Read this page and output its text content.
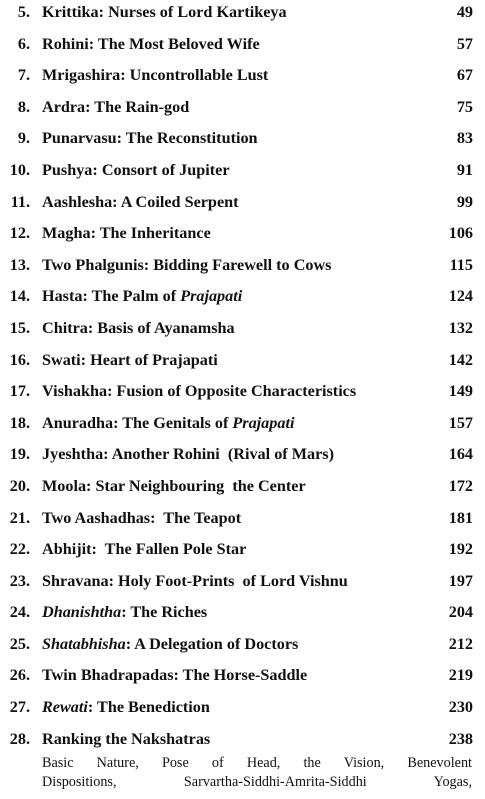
5. Krittika: Nurses of Lord Kartikeya	49
6. Rohini: The Most Beloved Wife	57
7. Mrigashira: Uncontrollable Lust	67
8. Ardra: The Rain-god	75
9. Punarvasu: The Reconstitution	83
10. Pushya: Consort of Jupiter	91
11. Aashlesha: A Coiled Serpent	99
12. Magha: The Inheritance	106
13. Two Phalgunis: Bidding Farewell to Cows	115
14. Hasta: The Palm of Prajapati	124
15. Chitra: Basis of Ayanamsha	132
16. Swati: Heart of Prajapati	142
17. Vishakha: Fusion of Opposite Characteristics	149
18. Anuradha: The Genitals of Prajapati	157
19. Jyeshtha: Another Rohini  (Rival of Mars)	164
20. Moola: Star Neighbouring  the Center	172
21. Two Aashadhas:  The Teapot	181
22. Abhijit:  The Fallen Pole Star	192
23. Shravana: Holy Foot-Prints  of Lord Vishnu	197
24. Dhanishtha: The Riches	204
25. Shatabhisha: A Delegation of Doctors	212
26. Twin Bhadrapadas: The Horse-Saddle	219
27. Rewati: The Benediction	230
28. Ranking the Nakshatras	238
Basic Nature, Pose of Head, the Vision, Benevolent
Dispositions, Sarvartha-Siddhi-Amrita-Siddhi Yogas,
